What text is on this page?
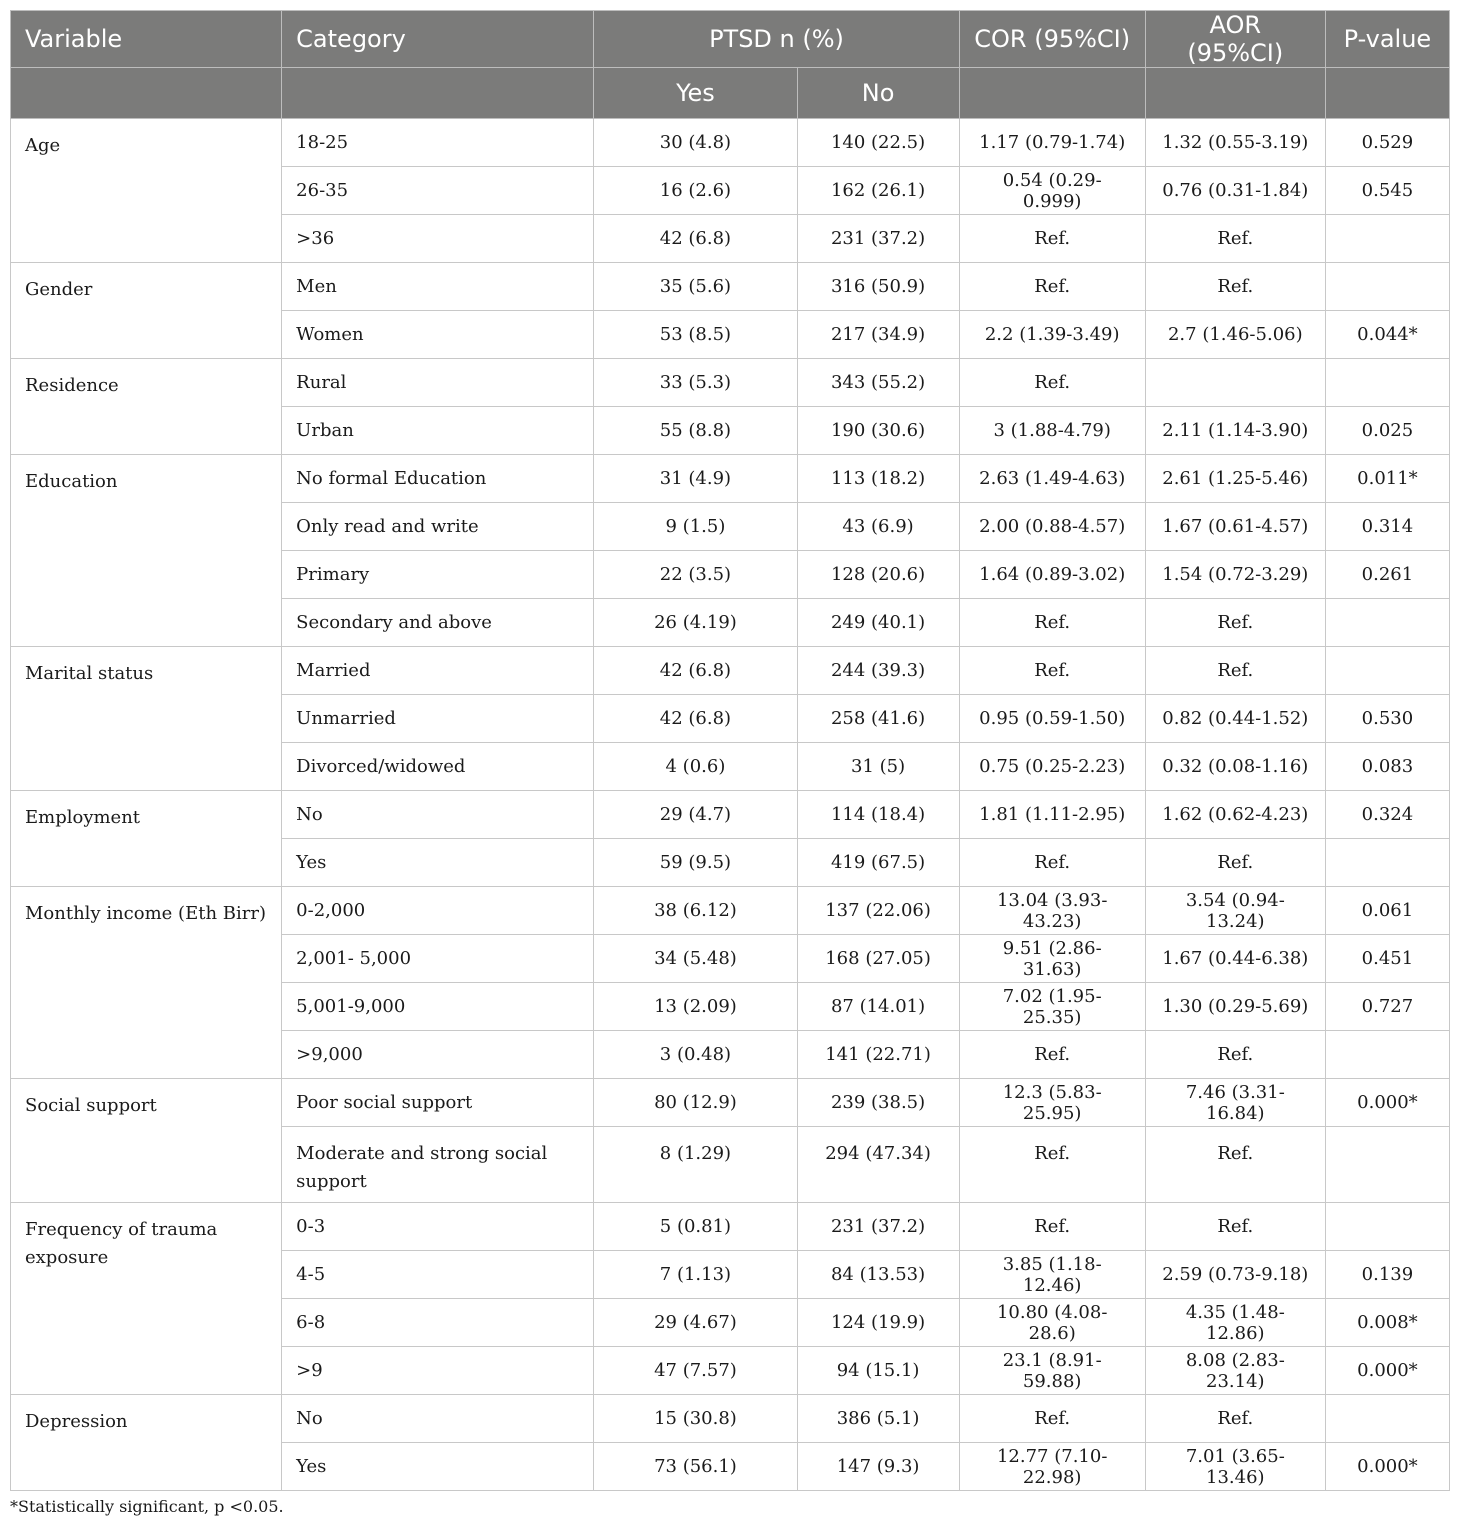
Variable	Category	PTSD n (%)		COR (95%CI)	AOR (95%CI)	P-value
		Yes	No			
Age	18-25	30 (4.8)	140 (22.5)	1.17 (0.79-1.74)	1.32 (0.55-3.19)	0.529
	26-35	16 (2.6)	162 (26.1)	0.54 (0.29-0.999)	0.76 (0.31-1.84)	0.545
	>36	42 (6.8)	231 (37.2)	Ref.	Ref.	
Gender	Men	35 (5.6)	316 (50.9)	Ref.	Ref.	
	Women	53 (8.5)	217 (34.9)	2.2 (1.39-3.49)	2.7 (1.46-5.06)	0.044*
Residence	Rural	33 (5.3)	343 (55.2)	Ref.		
	Urban	55 (8.8)	190 (30.6)	3 (1.88-4.79)	2.11 (1.14-3.90)	0.025
Education	No formal Education	31 (4.9)	113 (18.2)	2.63 (1.49-4.63)	2.61 (1.25-5.46)	0.011*
	Only read and write	9 (1.5)	43 (6.9)	2.00 (0.88-4.57)	1.67 (0.61-4.57)	0.314
	Primary	22 (3.5)	128 (20.6)	1.64 (0.89-3.02)	1.54 (0.72-3.29)	0.261
	Secondary and above	26 (4.19)	249 (40.1)	Ref.	Ref.	
Marital status	Married	42 (6.8)	244 (39.3)	Ref.	Ref.	
	Unmarried	42 (6.8)	258 (41.6)	0.95 (0.59-1.50)	0.82 (0.44-1.52)	0.530
	Divorced/widowed	4 (0.6)	31 (5)	0.75 (0.25-2.23)	0.32 (0.08-1.16)	0.083
Employment	No	29 (4.7)	114 (18.4)	1.81 (1.11-2.95)	1.62 (0.62-4.23)	0.324
	Yes	59 (9.5)	419 (67.5)	Ref.	Ref.	
Monthly income (Eth Birr)	0-2,000	38 (6.12)	137 (22.06)	13.04 (3.93-43.23)	3.54 (0.94-13.24)	0.061
	2,001- 5,000	34 (5.48)	168 (27.05)	9.51 (2.86-31.63)	1.67 (0.44-6.38)	0.451
	5,001-9,000	13 (2.09)	87 (14.01)	7.02 (1.95-25.35)	1.30 (0.29-5.69)	0.727
	>9,000	3 (0.48)	141 (22.71)	Ref.	Ref.	
Social support	Poor social support	80 (12.9)	239 (38.5)	12.3 (5.83-25.95)	7.46 (3.31-16.84)	0.000*
	Moderate and strong social support	8 (1.29)	294 (47.34)	Ref.	Ref.	
Frequency of trauma exposure	0-3	5 (0.81)	231 (37.2)	Ref.	Ref.	
	4-5	7 (1.13)	84 (13.53)	3.85 (1.18-12.46)	2.59 (0.73-9.18)	0.139
	6-8	29 (4.67)	124 (19.9)	10.80 (4.08-28.6)	4.35 (1.48-12.86)	0.008*
	>9	47 (7.57)	94 (15.1)	23.1 (8.91-59.88)	8.08 (2.83-23.14)	0.000*
Depression	No	15 (30.8)	386 (5.1)	Ref.	Ref.	
	Yes	73 (56.1)	147 (9.3)	12.77 (7.10-22.98)	7.01 (3.65-13.46)	0.000*
*Statistically significant, p <0.05.
